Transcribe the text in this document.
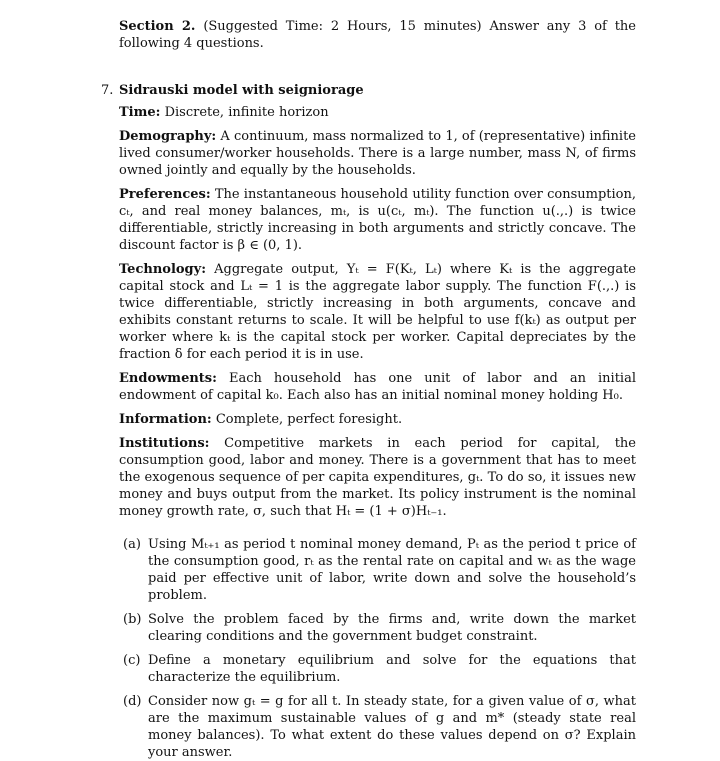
Section 2. (Suggested Time: 2 Hours, 15 minutes) Answer any 3 of the following 4 questions.
7. Sidrauski model with seigniorage
Time: Discrete, infinite horizon
Demography: A continuum, mass normalized to 1, of (representative) infinite lived consumer/worker households. There is a large number, mass N, of firms owned jointly and equally by the households.
Preferences: The instantaneous household utility function over consumption, cₜ, and real money balances, mₜ, is u(cₜ, mₜ). The function u(.,.) is twice differentiable, strictly increasing in both arguments and strictly concave. The discount factor is β ∈ (0, 1).
Technology: Aggregate output, Yₜ = F(Kₜ, Lₜ) where Kₜ is the aggregate capital stock and Lₜ = 1 is the aggregate labor supply. The function F(.,.) is twice differentiable, strictly increasing in both arguments, concave and exhibits constant returns to scale. It will be helpful to use f(kₜ) as output per worker where kₜ is the capital stock per worker. Capital depreciates by the fraction δ for each period it is in use.
Endowments: Each household has one unit of labor and an initial endowment of capital k₀. Each also has an initial nominal money holding H₀.
Information: Complete, perfect foresight.
Institutions: Competitive markets in each period for capital, the consumption good, labor and money. There is a government that has to meet the exogenous sequence of per capita expenditures, gₜ. To do so, it issues new money and buys output from the market. Its policy instrument is the nominal money growth rate, σ, such that Hₜ = (1 + σ)Hₜ₋₁.
(a) Using Mₜ₊₁ as period t nominal money demand, Pₜ as the period t price of the consumption good, rₜ as the rental rate on capital and wₜ as the wage paid per effective unit of labor, write down and solve the household’s problem.
(b) Solve the problem faced by the firms and, write down the market clearing conditions and the government budget constraint.
(c) Define a monetary equilibrium and solve for the equations that characterize the equilibrium.
(d) Consider now gₜ = g for all t. In steady state, for a given value of σ, what are the maximum sustainable values of g and m* (steady state real money balances). To what extent do these values depend on σ? Explain your answer.
